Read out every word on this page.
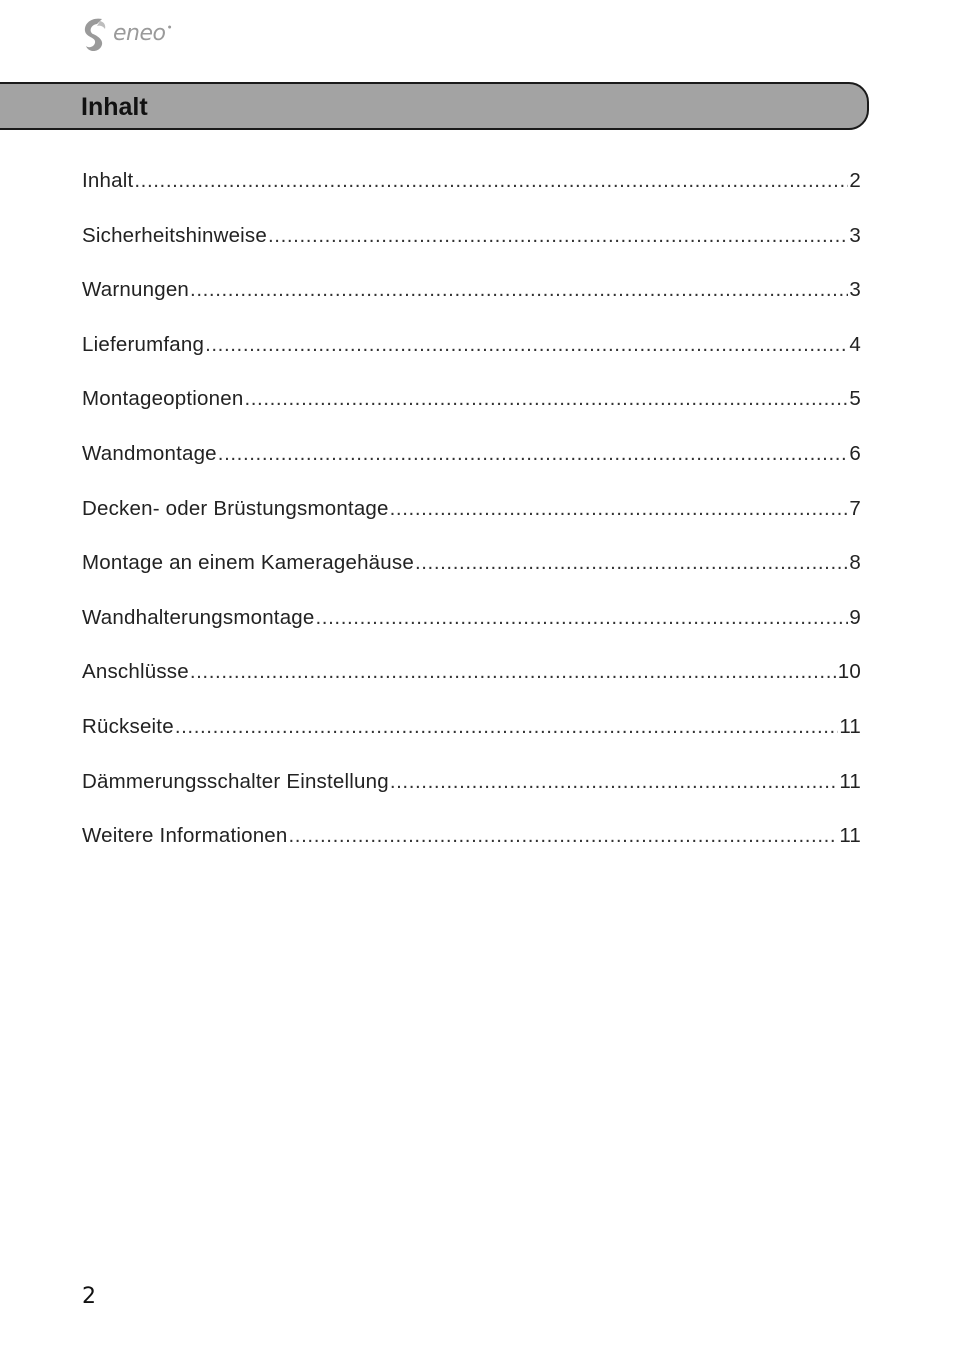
eneo ●
Inhalt
Inhalt .....	2
Sicherheitshinweise .....	3
Warnungen .....	3
Lieferumfang .....	4
Montageoptionen .....	5
Wandmontage .....	6
Decken- oder Brüstungsmontage .....	7
Montage an einem Kameragehäuse .....	8
Wandhalterungsmontage .....	9
Anschlüsse .....	10
Rückseite .....	11
Dämmerungsschalter Einstellung .....	11
Weitere Informationen .....	11
2
